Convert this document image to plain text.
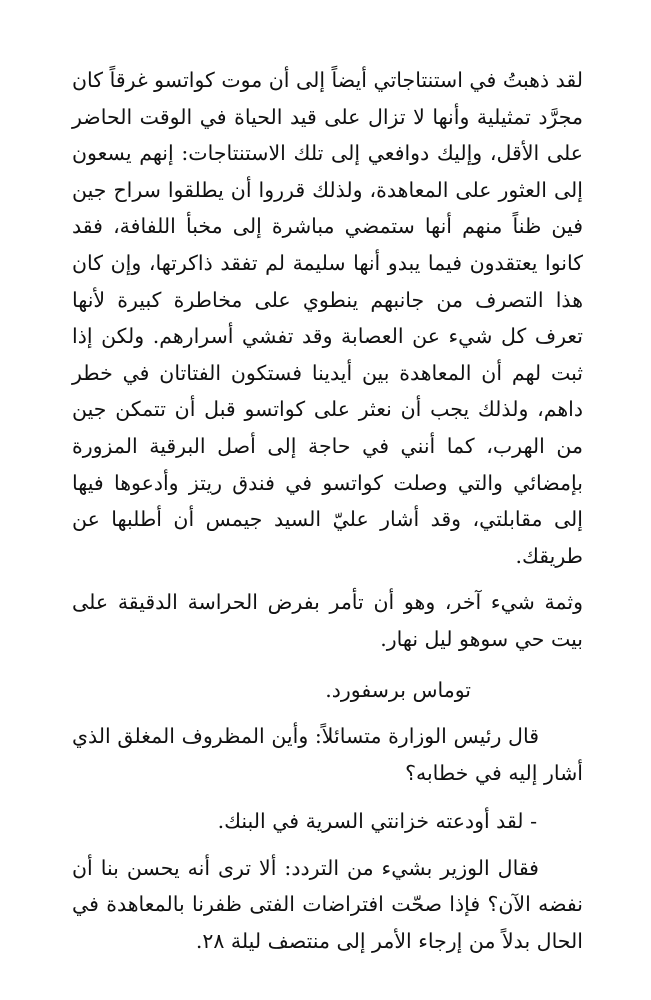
لقد ذهبتُ في استنتاجاتي أيضاً إلى أن موت كواتسو غرقاً كان مجرَّد تمثيلية وأنها لا تزال على قيد الحياة في الوقت الحاضر على الأقل، وإليك دوافعي إلى تلك الاستنتاجات: إنهم يسعون إلى العثور على المعاهدة، ولذلك قرروا أن يطلقوا سراح جين فين ظناً منهم أنها ستمضي مباشرة إلى مخبأ اللفافة، فقد كانوا يعتقدون فيما يبدو أنها سليمة لم تفقد ذاكرتها، وإن كان هذا التصرف من جانبهم ينطوي على مخاطرة كبيرة لأنها تعرف كل شيء عن العصابة وقد تفشي أسرارهم. ولكن إذا ثبت لهم أن المعاهدة بين أيدينا فستكون الفتاتان في خطر داهم، ولذلك يجب أن نعثر على كواتسو قبل أن تتمكن جين من الهرب، كما أنني في حاجة إلى أصل البرقية المزورة بإمضائي والتي وصلت كواتسو في فندق ريتز وأدعوها فيها إلى مقابلتي، وقد أشار عليّ السيد جيمس أن أطلبها عن طريقك.

وثمة شيء آخر، وهو أن تأمر بفرض الحراسة الدقيقة على بيت حي سوهو ليل نهار.

توماس برسفورد.

قال رئيس الوزارة متسائلاً: وأين المظروف المغلق الذي أشار إليه في خطابه؟

- لقد أودعته خزانتي السرية في البنك.

فقال الوزير بشيء من التردد: ألا ترى أنه يحسن بنا أن نفضه الآن؟ فإذا صحّت افتراضات الفتى ظفرنا بالمعاهدة في الحال بدلاً من إرجاء الأمر إلى منتصف ليلة ٢٨.
